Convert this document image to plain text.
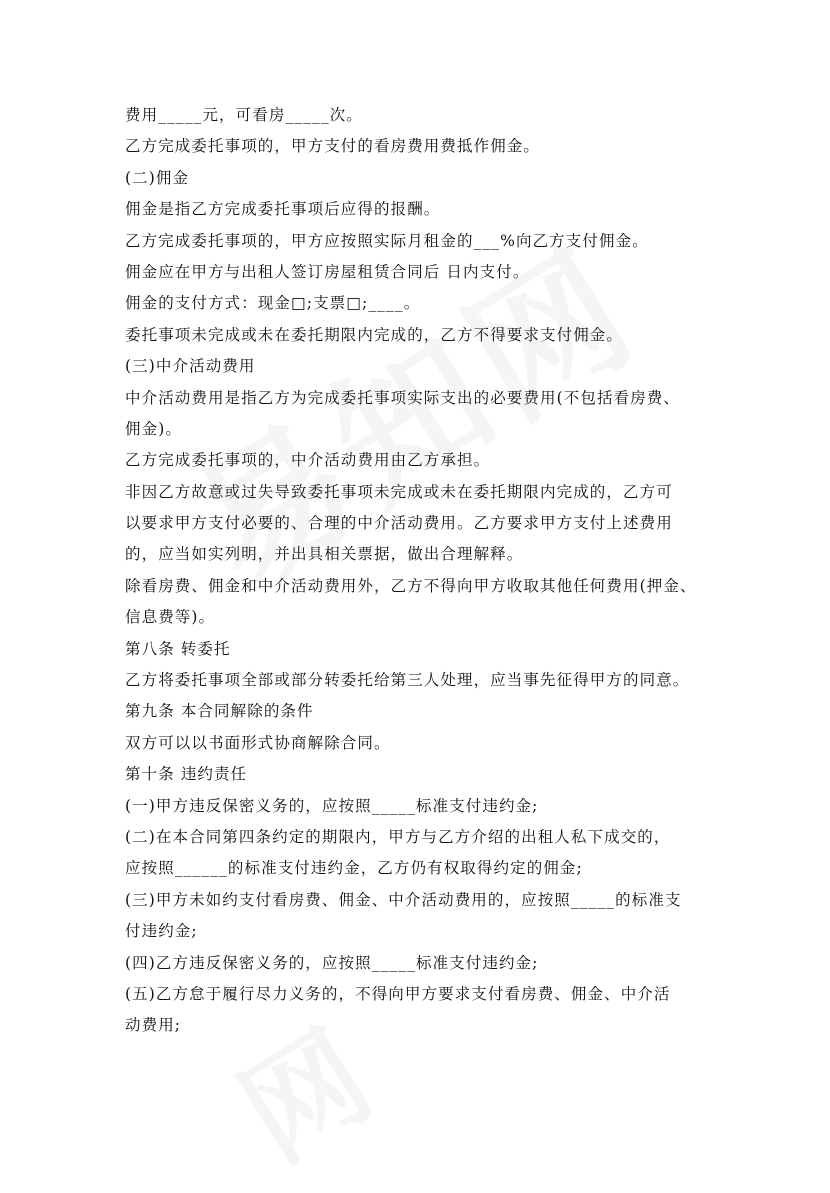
费用_____元，可看房_____次。
乙方完成委托事项的，甲方支付的看房费用费抵作佣金。
(二)佣金
佣金是指乙方完成委托事项后应得的报酬。
乙方完成委托事项的，甲方应按照实际月租金的___%向乙方支付佣金。
佣金应在甲方与出租人签订房屋租赁合同后 日内支付。
佣金的支付方式：现金□;支票□;____。
委托事项未完成或未在委托期限内完成的，乙方不得要求支付佣金。
(三)中介活动费用
中介活动费用是指乙方为完成委托事项实际支出的必要费用(不包括看房费、
佣金)。
乙方完成委托事项的，中介活动费用由乙方承担。
非因乙方故意或过失导致委托事项未完成或未在委托期限内完成的，乙方可
以要求甲方支付必要的、合理的中介活动费用。乙方要求甲方支付上述费用
的，应当如实列明，并出具相关票据，做出合理解释。
除看房费、佣金和中介活动费用外，乙方不得向甲方收取其他任何费用(押金、
信息费等)。
第八条 转委托
乙方将委托事项全部或部分转委托给第三人处理，应当事先征得甲方的同意。
第九条 本合同解除的条件
双方可以以书面形式协商解除合同。
第十条 违约责任
(一)甲方违反保密义务的，应按照_____标准支付违约金;
(二)在本合同第四条约定的期限内，甲方与乙方介绍的出租人私下成交的，
应按照______的标准支付违约金，乙方仍有权取得约定的佣金;
(三)甲方未如约支付看房费、佣金、中介活动费用的，应按照_____的标准支
付违约金;
(四)乙方违反保密义务的，应按照_____标准支付违约金;
(五)乙方怠于履行尽力义务的，不得向甲方要求支付看房费、佣金、中介活
动费用;
